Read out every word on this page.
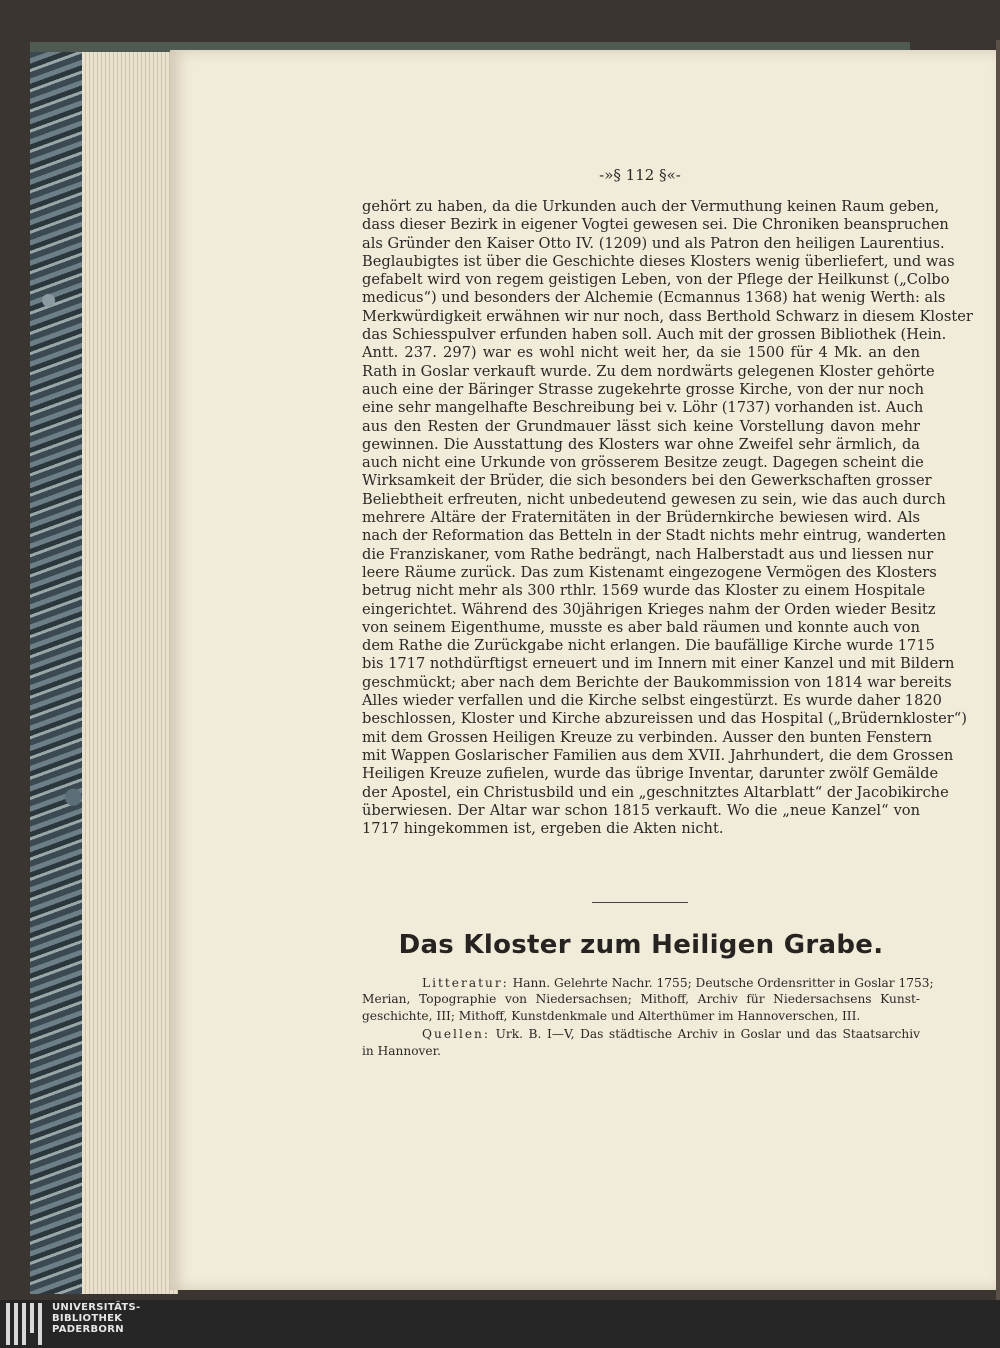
-»§ 112 §«-
gehört zu haben, da die Urkunden auch der Vermuthung keinen Raum geben,
dass dieser Bezirk in eigener Vogtei gewesen sei. Die Chroniken beanspruchen
als Gründer den Kaiser Otto IV. (1209) und als Patron den heiligen Laurentius.
Beglaubigtes ist über die Geschichte dieses Klosters wenig überliefert, und was
gefabelt wird von regem geistigen Leben, von der Pflege der Heilkunst („Colbo
medicus“) und besonders der Alchemie (Ecmannus 1368) hat wenig Werth: als
Merkwürdigkeit erwähnen wir nur noch, dass Berthold Schwarz in diesem Kloster
das Schiesspulver erfunden haben soll. Auch mit der grossen Bibliothek (Hein.
Antt. 237. 297) war es wohl nicht weit her, da sie 1500 für 4 Mk. an den
Rath in Goslar verkauft wurde. Zu dem nordwärts gelegenen Kloster gehörte
auch eine der Bäringer Strasse zugekehrte grosse Kirche, von der nur noch
eine sehr mangelhafte Beschreibung bei v. Löhr (1737) vorhanden ist. Auch
aus den Resten der Grundmauer lässt sich keine Vorstellung davon mehr
gewinnen. Die Ausstattung des Klosters war ohne Zweifel sehr ärmlich, da
auch nicht eine Urkunde von grösserem Besitze zeugt. Dagegen scheint die
Wirksamkeit der Brüder, die sich besonders bei den Gewerkschaften grosser
Beliebtheit erfreuten, nicht unbedeutend gewesen zu sein, wie das auch durch
mehrere Altäre der Fraternitäten in der Brüdernkirche bewiesen wird. Als
nach der Reformation das Betteln in der Stadt nichts mehr eintrug, wanderten
die Franziskaner, vom Rathe bedrängt, nach Halberstadt aus und liessen nur
leere Räume zurück. Das zum Kistenamt eingezogene Vermögen des Klosters
betrug nicht mehr als 300 rthlr. 1569 wurde das Kloster zu einem Hospitale
eingerichtet. Während des 30jährigen Krieges nahm der Orden wieder Besitz
von seinem Eigenthume, musste es aber bald räumen und konnte auch von
dem Rathe die Zurückgabe nicht erlangen. Die baufällige Kirche wurde 1715
bis 1717 nothdürftigst erneuert und im Innern mit einer Kanzel und mit Bildern
geschmückt; aber nach dem Berichte der Baukommission von 1814 war bereits
Alles wieder verfallen und die Kirche selbst eingestürzt. Es wurde daher 1820
beschlossen, Kloster und Kirche abzureissen und das Hospital („Brüdernkloster“)
mit dem Grossen Heiligen Kreuze zu verbinden. Ausser den bunten Fenstern
mit Wappen Goslarischer Familien aus dem XVII. Jahrhundert, die dem Grossen
Heiligen Kreuze zufielen, wurde das übrige Inventar, darunter zwölf Gemälde
der Apostel, ein Christusbild und ein „geschnitztes Altarblatt“ der Jacobikirche
überwiesen. Der Altar war schon 1815 verkauft. Wo die „neue Kanzel“ von
1717 hingekommen ist, ergeben die Akten nicht.
Das Kloster zum Heiligen Grabe.
Litteratur: Hann. Gelehrte Nachr. 1755; Deutsche Ordensritter in Goslar 1753;
Merian, Topographie von Niedersachsen; Mithoff, Archiv für Niedersachsens Kunst-
geschichte, III; Mithoff, Kunstdenkmale und Alterthümer im Hannoverschen, III.
Quellen: Urk. B. I—V, Das städtische Archiv in Goslar und das Staatsarchiv
in Hannover.
UNIVERSITÄTS-
BIBLIOTHEK
PADERBORN
